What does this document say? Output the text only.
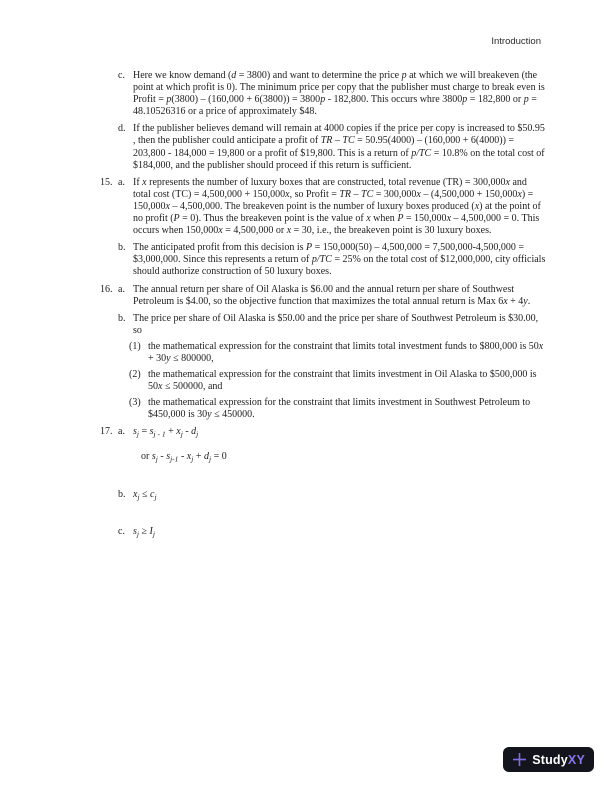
Introduction
c. Here we know demand (d = 3800) and want to determine the price p at which we will breakeven (the point at which profit is 0). The minimum price per copy that the publisher must charge to break even is Profit = p(3800) – (160,000 + 6(3800)) = 3800p - 182,800. This occurs whre 3800p = 182,800 or p = 48.10526316 or a price of approximately $48.
d. If the publisher believes demand will remain at 4000 copies if the price per copy is increased to $50.95 , then the publisher could anticipate a profit of TR – TC = 50.95(4000) – (160,000 + 6(4000)) = 203,800 - 184,000 = 19,800 or a profit of $19,800. This is a return of p/TC = 10.8% on the total cost of $184,000, and the publisher should proceed if this return is sufficient.
15. a. If x represents the number of luxury boxes that are constructed, total revenue (TR) = 300,000x and total cost (TC) = 4,500,000 + 150,000x, so Profit = TR – TC = 300,000x – (4,500,000 + 150,000x) = 150,000x – 4,500,000. The breakeven point is the number of luxury boxes produced (x) at the point of no profit (P = 0). Thus the breakeven point is the value of x when P = 150,000x – 4,500,000 = 0. This occurs when 150,000x = 4,500,000 or x = 30, i.e., the breakeven point is 30 luxury boxes.
b. The anticipated profit from this decision is P = 150,000(50) – 4,500,000 = 7,500,000-4,500,000 = $3,000,000. Since this represents a return of p/TC = 25% on the total cost of $12,000,000, city officials should authorize construction of 50 luxury boxes.
16. a. The annual return per share of Oil Alaska is $6.00 and the annual return per share of Southwest Petroleum is $4.00, so the objective function that maximizes the total annual return is Max 6x + 4y.
b. The price per share of Oil Alaska is $50.00 and the price per share of Southwest Petroleum is $30.00, so
(1) the mathematical expression for the constraint that limits total investment funds to $800,000 is 50x + 30y ≤ 800000,
(2) the mathematical expression for the constraint that limits investment in Oil Alaska to $500,000 is 50x ≤ 500000, and
(3) the mathematical expression for the constraint that limits investment in Southwest Petroleum to $450,000 is 30y ≤ 450000.
17. a. $s_j = s_{j - 1} + x_j - d_j$
or $s_j - s_{j-1} - x_j + d_j = 0$
b. $x_j \le c_j$
c. $s_j \ge I_j$
StudyXY
